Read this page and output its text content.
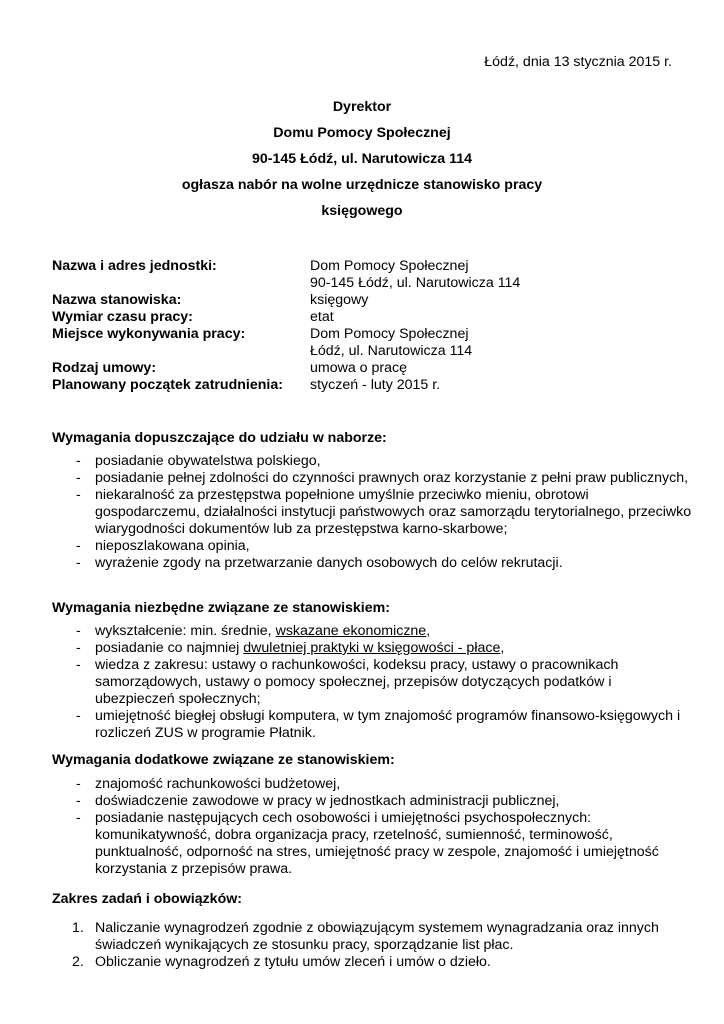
Łódź, dnia 13 stycznia 2015 r.
Dyrektor
Domu Pomocy Społecznej
90-145 Łódź, ul. Narutowicza 114
ogłasza nabór na wolne urzędnicze stanowisko pracy
księgowego
Nazwa i adres jednostki:	Dom Pomocy Społecznej
90-145 Łódź, ul. Narutowicza 114
Nazwa stanowiska:	księgowy
Wymiar czasu pracy:	etat
Miejsce wykonywania pracy:	Dom Pomocy Społecznej
Łódź, ul. Narutowicza 114
Rodzaj umowy:	umowa o pracę
Planowany początek zatrudnienia:	styczeń - luty 2015 r.
Wymagania dopuszczające do udziału w naborze:
- posiadanie obywatelstwa polskiego,
- posiadanie pełnej zdolności do czynności prawnych oraz korzystanie z pełni praw publicznych,
- niekaralność za przestępstwa popełnione umyślnie przeciwko mieniu, obrotowi gospodarczemu, działalności instytucji państwowych oraz samorządu terytorialnego, przeciwko wiarygodności dokumentów lub za przestępstwa karno-skarbowe;
- nieposzlakowana opinia,
- wyrażenie zgody na przetwarzanie danych osobowych do celów rekrutacji.
Wymagania niezbędne związane ze stanowiskiem:
- wykształcenie: min. średnie, wskazane ekonomiczne,
- posiadanie co najmniej dwuletniej praktyki w księgowości - płace,
- wiedza z zakresu: ustawy o rachunkowości, kodeksu pracy, ustawy o pracownikach samorządowych, ustawy o pomocy społecznej, przepisów dotyczących podatków i ubezpieczeń społecznych;
- umiejętność biegłej obsługi komputera, w tym znajomość programów finansowo-księgowych i rozliczeń ZUS w programie Płatnik.
Wymagania dodatkowe związane ze stanowiskiem:
- znajomość rachunkowości budżetowej,
- doświadczenie zawodowe w pracy w jednostkach administracji publicznej,
- posiadanie następujących cech osobowości i umiejętności psychospołecznych: komunikatywność, dobra organizacja pracy, rzetelność, sumienność, terminowość, punktualność, odporność na stres, umiejętność pracy w zespole, znajomość i umiejętność korzystania z przepisów prawa.
Zakres zadań i obowiązków:
1. Naliczanie wynagrodzeń zgodnie z obowiązującym systemem wynagradzania oraz innych świadczeń wynikających ze stosunku pracy, sporządzanie list płac.
2. Obliczanie wynagrodzeń z tytułu umów zleceń i umów o dzieło.
